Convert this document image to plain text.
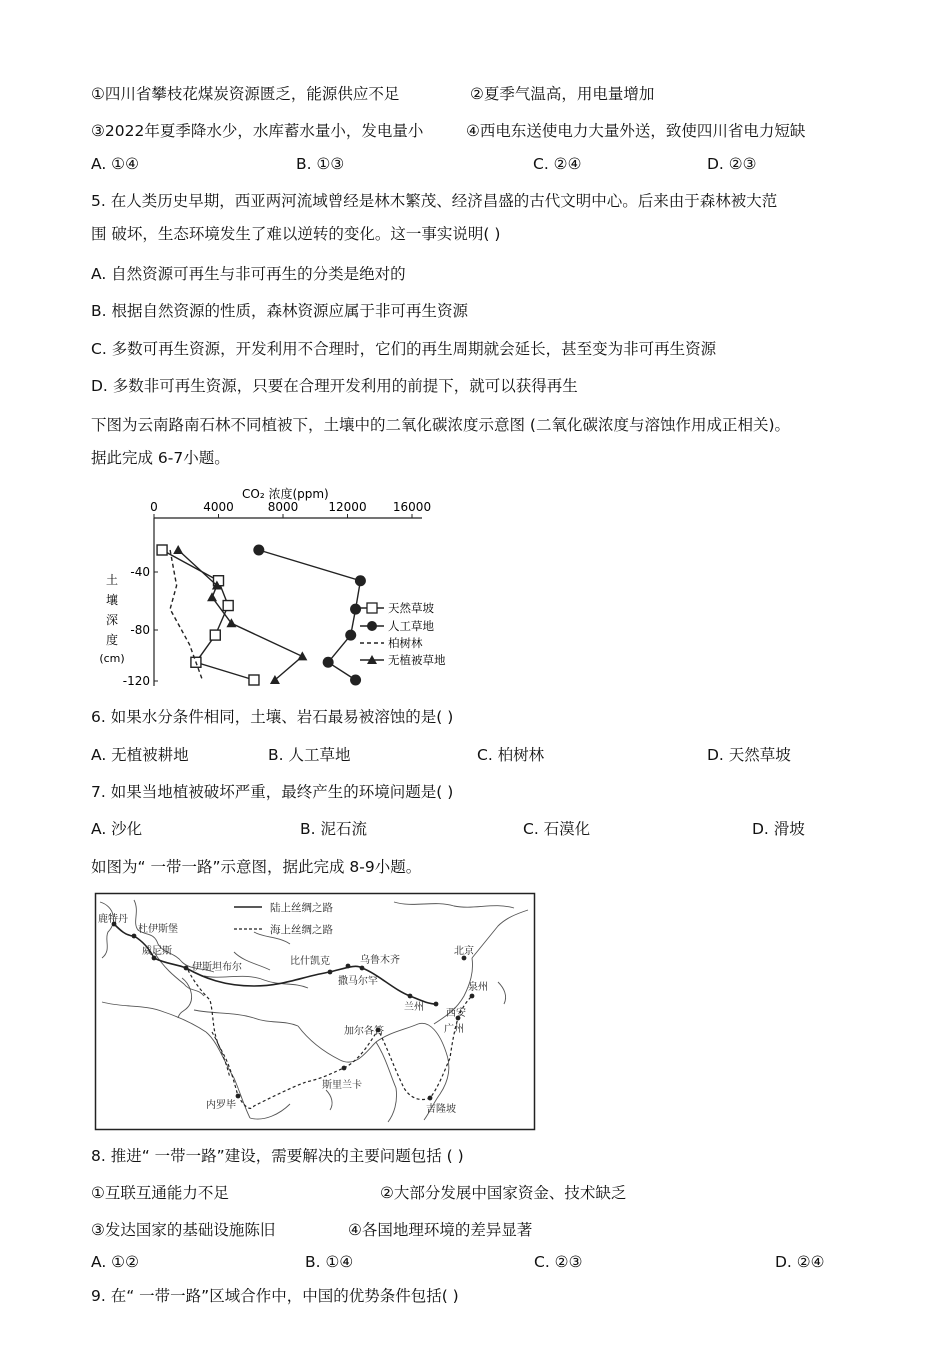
①四川省攀枝花煤炭资源匮乏，能源供应不足	②夏季气温高，用电量增加
③2022年夏季降水少，水库蓄水量小，发电量小	④西电东送使电力大量外送，致使四川省电力短缺
A. ①④	B. ①③	C. ②④	D. ②③
5. 在人类历史早期，西亚两河流域曾经是林木繁茂、经济昌盛的古代文明中心。后来由于森林被大范
围 破坏，生态环境发生了难以逆转的变化。这一事实说明( )
A. 自然资源可再生与非可再生的分类是绝对的
B. 根据自然资源的性质，森林资源应属于非可再生资源
C. 多数可再生资源，开发利用不合理时，它们的再生周期就会延长，甚至变为非可再生资源
D. 多数非可再生资源，只要在合理开发利用的前提下，就可以获得再生
下图为云南路南石林不同植被下，土壤中的二氧化碳浓度示意图 (二氧化碳浓度与溶蚀作用成正相关)。
据此完成 6-7小题。
CO₂ 浓度(ppm)
0	4000	8000	12000 16000
-40
-80
-120
土
壤
深
度
(cm)
天然草坡
人工草地
柏树林
无植被草地
6. 如果水分条件相同，土壤、岩石最易被溶蚀的是( )
A. 无植被耕地	B. 人工草地	C. 柏树林	D. 天然草坡
7. 如果当地植被破坏严重，最终产生的环境问题是( )
A. 沙化	B. 泥石流	C. 石漠化	D. 滑坡
如图为“ 一带一路”示意图，据此完成 8-9小题。
陆上丝绸之路
海上丝绸之路
鹿特丹
杜伊斯堡
威尼斯
伊斯坦布尔
比什凯克	乌鲁木齐
撒马尔罕
北京
兰州
西安
泉州
广州
加尔各答
内罗毕
斯里兰卡
吉隆坡
8. 推进“ 一带一路”建设，需要解决的主要问题包括 ( )
①互联互通能力不足	②大部分发展中国家资金、技术缺乏
③发达国家的基础设施陈旧	④各国地理环境的差异显著
A. ①②	B. ①④	C. ②③	D. ②④
9. 在“ 一带一路”区域合作中，中国的优势条件包括( )
